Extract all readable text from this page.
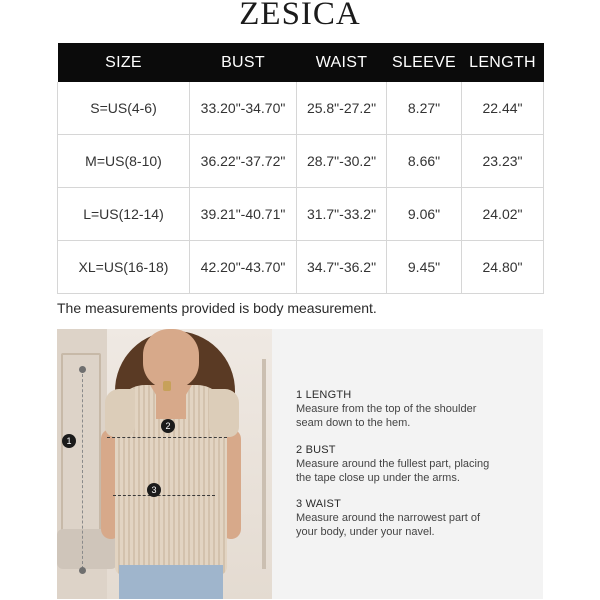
ZESICA
SIZE	BUST	WAIST	SLEEVE	LENGTH
S=US(4-6)	33.20"-34.70"	25.8"-27.2"	8.27"	22.44"
M=US(8-10)	36.22"-37.72"	28.7"-30.2"	8.66"	23.23"
L=US(12-14)	39.21"-40.71"	31.7"-33.2"	9.06"	24.02"
XL=US(16-18)	42.20"-43.70"	34.7"-36.2"	9.45"	24.80"
The measurements provided is body measurement.
1
2
3
1 LENGTH
Measure from the top of the shoulder
seam down to the hem.
2 BUST
Measure around the fullest part, placing
the tape close up under the arms.
3 WAIST
Measure around the narrowest part of
your body, under your navel.
